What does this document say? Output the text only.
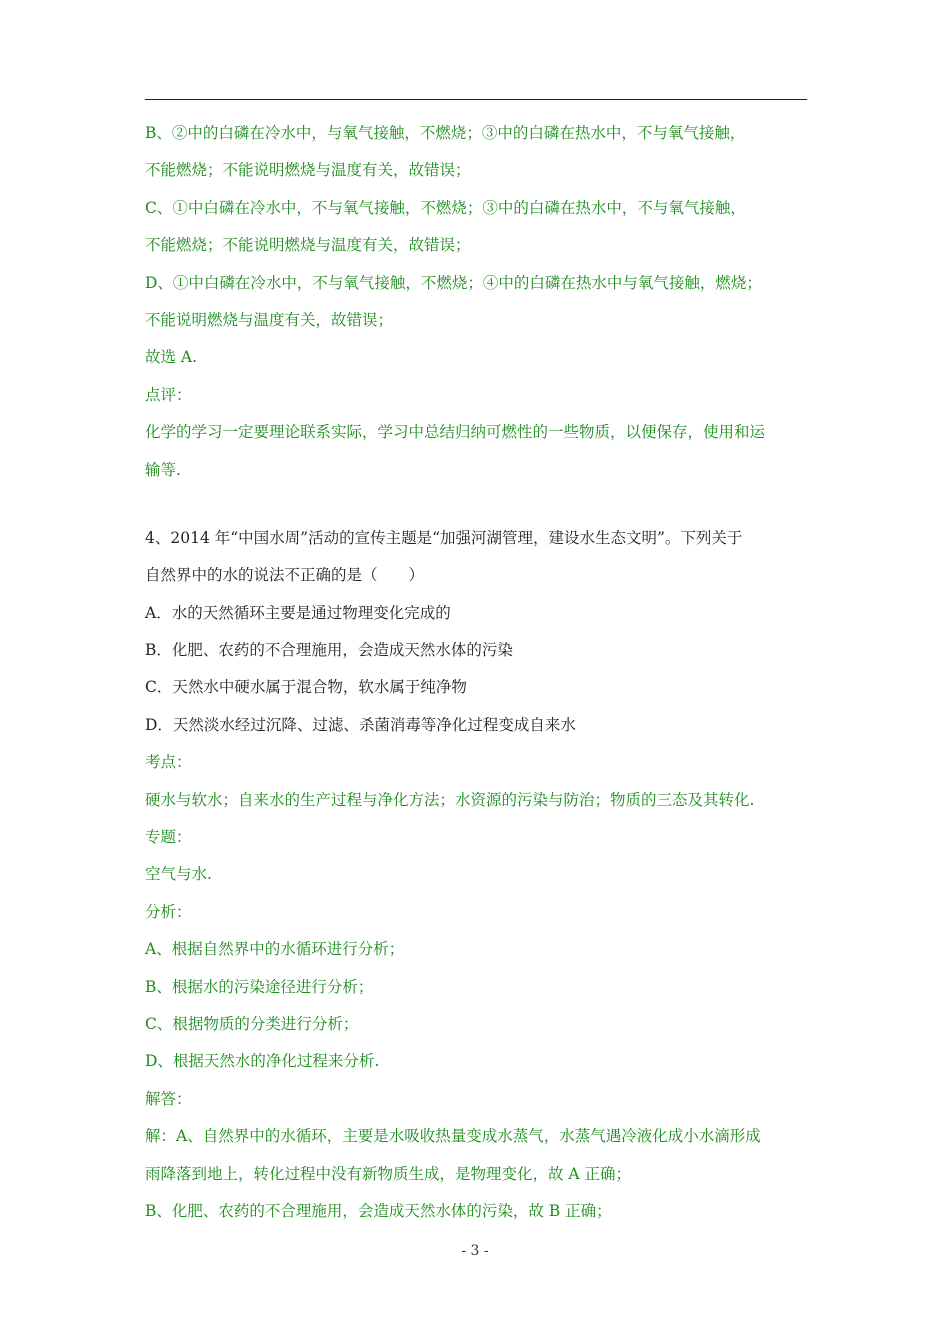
B、②中的白磷在冷水中，与氧气接触，不燃烧；③中的白磷在热水中，不与氧气接触，
不能燃烧；不能说明燃烧与温度有关，故错误；
C、①中白磷在冷水中，不与氧气接触，不燃烧；③中的白磷在热水中，不与氧气接触，
不能燃烧；不能说明燃烧与温度有关，故错误；
D、①中白磷在冷水中，不与氧气接触，不燃烧；④中的白磷在热水中与氧气接触，燃烧；
不能说明燃烧与温度有关，故错误；
故选 A.
点评：
化学的学习一定要理论联系实际，学习中总结归纳可燃性的一些物质，以便保存，使用和运
输等.
4、2014 年“中国水周”活动的宣传主题是“加强河湖管理，建设水生态文明”。下列关于
自然界中的水的说法不正确的是（　　）
A．水的天然循环主要是通过物理变化完成的
B．化肥、农药的不合理施用，会造成天然水体的污染
C．天然水中硬水属于混合物，软水属于纯净物
D．天然淡水经过沉降、过滤、杀菌消毒等净化过程变成自来水
考点：
硬水与软水；自来水的生产过程与净化方法；水资源的污染与防治；物质的三态及其转化.
专题：
空气与水.
分析：
A、根据自然界中的水循环进行分析；
B、根据水的污染途径进行分析；
C、根据物质的分类进行分析；
D、根据天然水的净化过程来分析.
解答：
解：A、自然界中的水循环，主要是水吸收热量变成水蒸气，水蒸气遇冷液化成小水滴形成
雨降落到地上，转化过程中没有新物质生成，是物理变化，故 A 正确；
B、化肥、农药的不合理施用，会造成天然水体的污染，故 B 正确；
- 3 -
